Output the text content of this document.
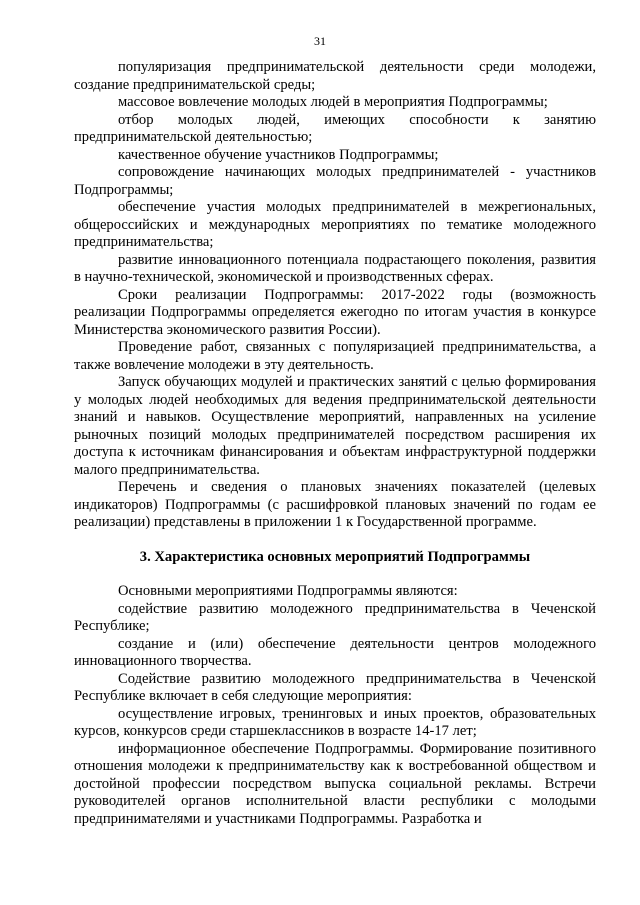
31

популяризация предпринимательской деятельности среди молодежи, создание предпринимательской среды;

массовое вовлечение молодых людей в мероприятия Подпрограммы;

отбор молодых людей, имеющих способности к занятию предпринимательской деятельностью;

качественное обучение участников Подпрограммы;

сопровождение начинающих молодых предпринимателей - участников Подпрограммы;

обеспечение участия молодых предпринимателей в межрегиональных, общероссийских и международных мероприятиях по тематике молодежного предпринимательства;

развитие инновационного потенциала подрастающего поколения, развития в научно-технической, экономической и производственных сферах.

Сроки реализации Подпрограммы: 2017-2022 годы (возможность реализации Подпрограммы определяется ежегодно по итогам участия в конкурсе Министерства экономического развития России).

Проведение работ, связанных с популяризацией предпринимательства, а также вовлечение молодежи в эту деятельность.

Запуск обучающих модулей и практических занятий с целью формирования у молодых людей необходимых для ведения предпринимательской деятельности знаний и навыков. Осуществление мероприятий, направленных на усиление рыночных позиций молодых предпринимателей посредством расширения их доступа к источникам финансирования и объектам инфраструктурной поддержки малого предпринимательства.

Перечень и сведения о плановых значениях показателей (целевых индикаторов) Подпрограммы (с расшифровкой плановых значений по годам ее реализации) представлены в приложении 1 к Государственной программе.

3. Характеристика основных мероприятий Подпрограммы

Основными мероприятиями Подпрограммы являются:

содействие развитию молодежного предпринимательства в Чеченской Республике;

создание и (или) обеспечение деятельности центров молодежного инновационного творчества.

Содействие развитию молодежного предпринимательства в Чеченской Республике включает в себя следующие мероприятия:

осуществление игровых, тренинговых и иных проектов, образовательных курсов, конкурсов среди старшеклассников в возрасте 14-17 лет;

информационное обеспечение Подпрограммы. Формирование позитивного отношения молодежи к предпринимательству как к востребованной обществом и достойной профессии посредством выпуска социальной рекламы. Встречи руководителей органов исполнительной власти республики с молодыми предпринимателями и участниками Подпрограммы. Разработка и
